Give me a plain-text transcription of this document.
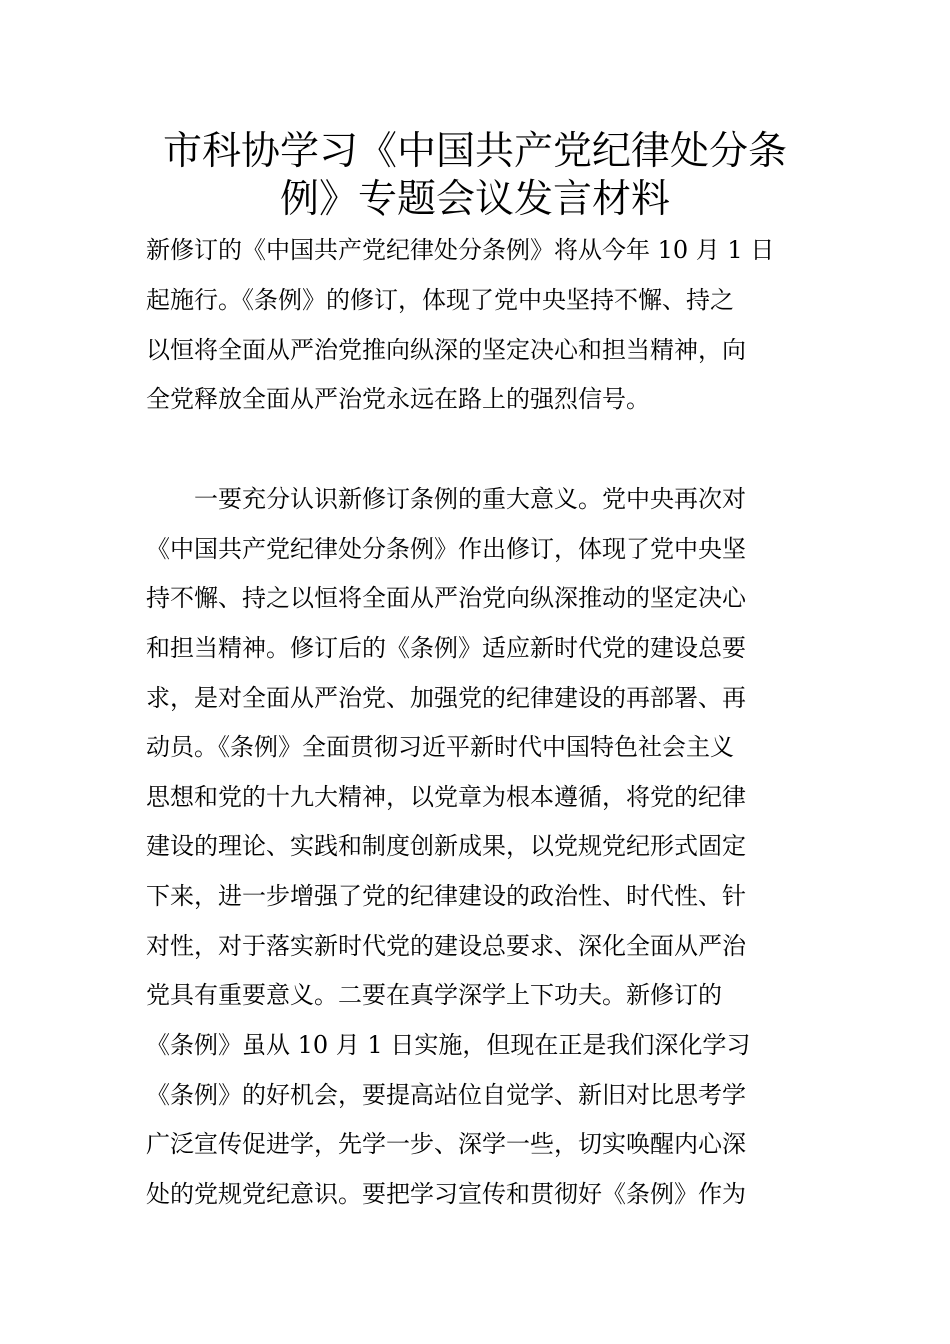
市科协学习《中国共产党纪律处分条
例》专题会议发言材料
新修订的《中国共产党纪律处分条例》将从今年 10 月 1 日
起施行。《条例》的修订，体现了党中央坚持不懈、持之
以恒将全面从严治党推向纵深的坚定决心和担当精神，向
全党释放全面从严治党永远在路上的强烈信号。
　　一要充分认识新修订条例的重大意义。党中央再次对
《中国共产党纪律处分条例》作出修订，体现了党中央坚
持不懈、持之以恒将全面从严治党向纵深推动的坚定决心
和担当精神。修订后的《条例》适应新时代党的建设总要
求，是对全面从严治党、加强党的纪律建设的再部署、再
动员。《条例》全面贯彻习近平新时代中国特色社会主义
思想和党的十九大精神，以党章为根本遵循，将党的纪律
建设的理论、实践和制度创新成果，以党规党纪形式固定
下来，进一步增强了党的纪律建设的政治性、时代性、针
对性，对于落实新时代党的建设总要求、深化全面从严治
党具有重要意义。二要在真学深学上下功夫。新修订的
《条例》虽从 10 月 1 日实施，但现在正是我们深化学习
《条例》的好机会，要提高站位自觉学、新旧对比思考学
广泛宣传促进学，先学一步、深学一些，切实唤醒内心深
处的党规党纪意识。要把学习宣传和贯彻好《条例》作为
